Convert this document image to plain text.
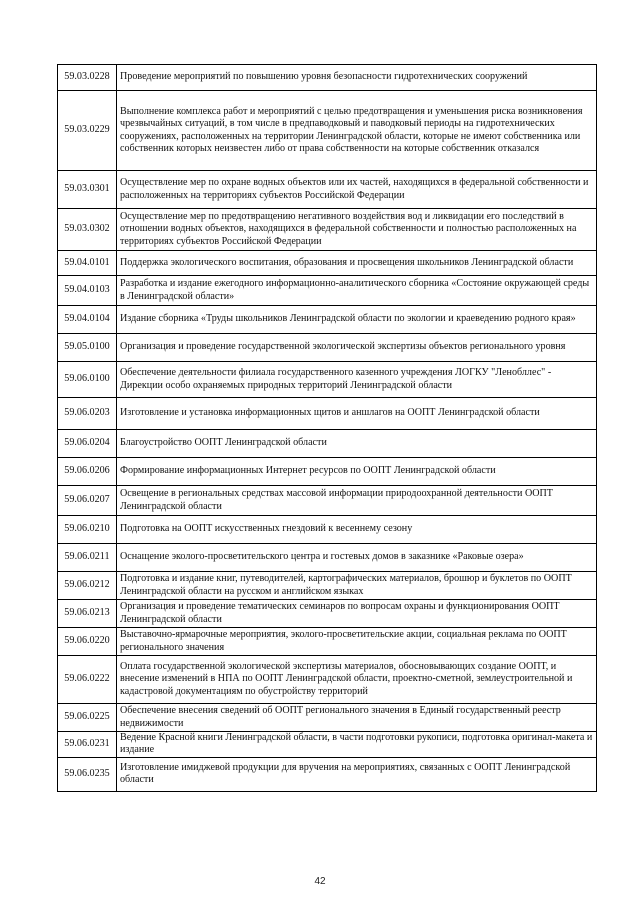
59.03.0228	Проведение мероприятий по повышению уровня безопасности гидротехнических сооружений
59.03.0229	Выполнение комплекса работ и мероприятий с целью предотвращения и уменьшения риска возникновения чрезвычайных ситуаций, в том числе в предпаводковый и паводковый периоды на гидротехнических сооружениях, расположенных на территории Ленинградской области, которые не имеют собственника или собственник которых неизвестен либо от права собственности на которые собственник отказался
59.03.0301	Осуществление мер по охране водных объектов или их частей, находящихся в федеральной собственности и расположенных на территориях субъектов Российской Федерации
59.03.0302	Осуществление мер по предотвращению негативного воздействия вод и ликвидации его последствий в отношении водных объектов, находящихся в федеральной собственности и полностью расположенных на территориях субъектов Российской Федерации
59.04.0101	Поддержка экологического воспитания, образования и просвещения школьников Ленинградской области
59.04.0103	Разработка и издание ежегодного информационно-аналитического сборника «Состояние окружающей среды в Ленинградской области»
59.04.0104	Издание сборника «Труды школьников Ленинградской области по экологии и краеведению родного края»
59.05.0100	Организация и проведение государственной экологической экспертизы объектов регионального уровня
59.06.0100	Обеспечение деятельности филиала государственного казенного учреждения ЛОГКУ "Ленобллес" - Дирекции особо охраняемых природных территорий Ленинградской области
59.06.0203	Изготовление и установка информационных щитов и аншлагов на ООПТ Ленинградской области
59.06.0204	Благоустройство ООПТ Ленинградской области
59.06.0206	Формирование информационных Интернет ресурсов по ООПТ Ленинградской области
59.06.0207	Освещение в региональных средствах массовой информации природоохранной деятельности ООПТ Ленинградской области
59.06.0210	Подготовка на ООПТ искусственных гнездовий к весеннему сезону
59.06.0211	Оснащение эколого-просветительского центра и гостевых домов в заказнике «Раковые озера»
59.06.0212	Подготовка и издание книг, путеводителей, картографических материалов, брошюр и буклетов по ООПТ Ленинградской области на русском и английском языках
59.06.0213	Организация и проведение тематических семинаров по вопросам охраны и функционирования ООПТ Ленинградской области
59.06.0220	Выставочно-ярмарочные мероприятия, эколого-просветительские акции, социальная реклама по ООПТ регионального значения
59.06.0222	Оплата государственной экологической экспертизы материалов, обосновывающих создание ООПТ, и внесение изменений в НПА по ООПТ Ленинградской области, проектно-сметной, землеустроительной и кадастровой документациям по обустройству территорий
59.06.0225	Обеспечение внесения сведений об ООПТ регионального значения в Единый государственный реестр недвижимости
59.06.0231	Ведение Красной книги Ленинградской области, в части подготовки рукописи, подготовка оригинал-макета и издание
59.06.0235	Изготовление имиджевой продукции для вручения на мероприятиях, связанных с ООПТ Ленинградской области
42
